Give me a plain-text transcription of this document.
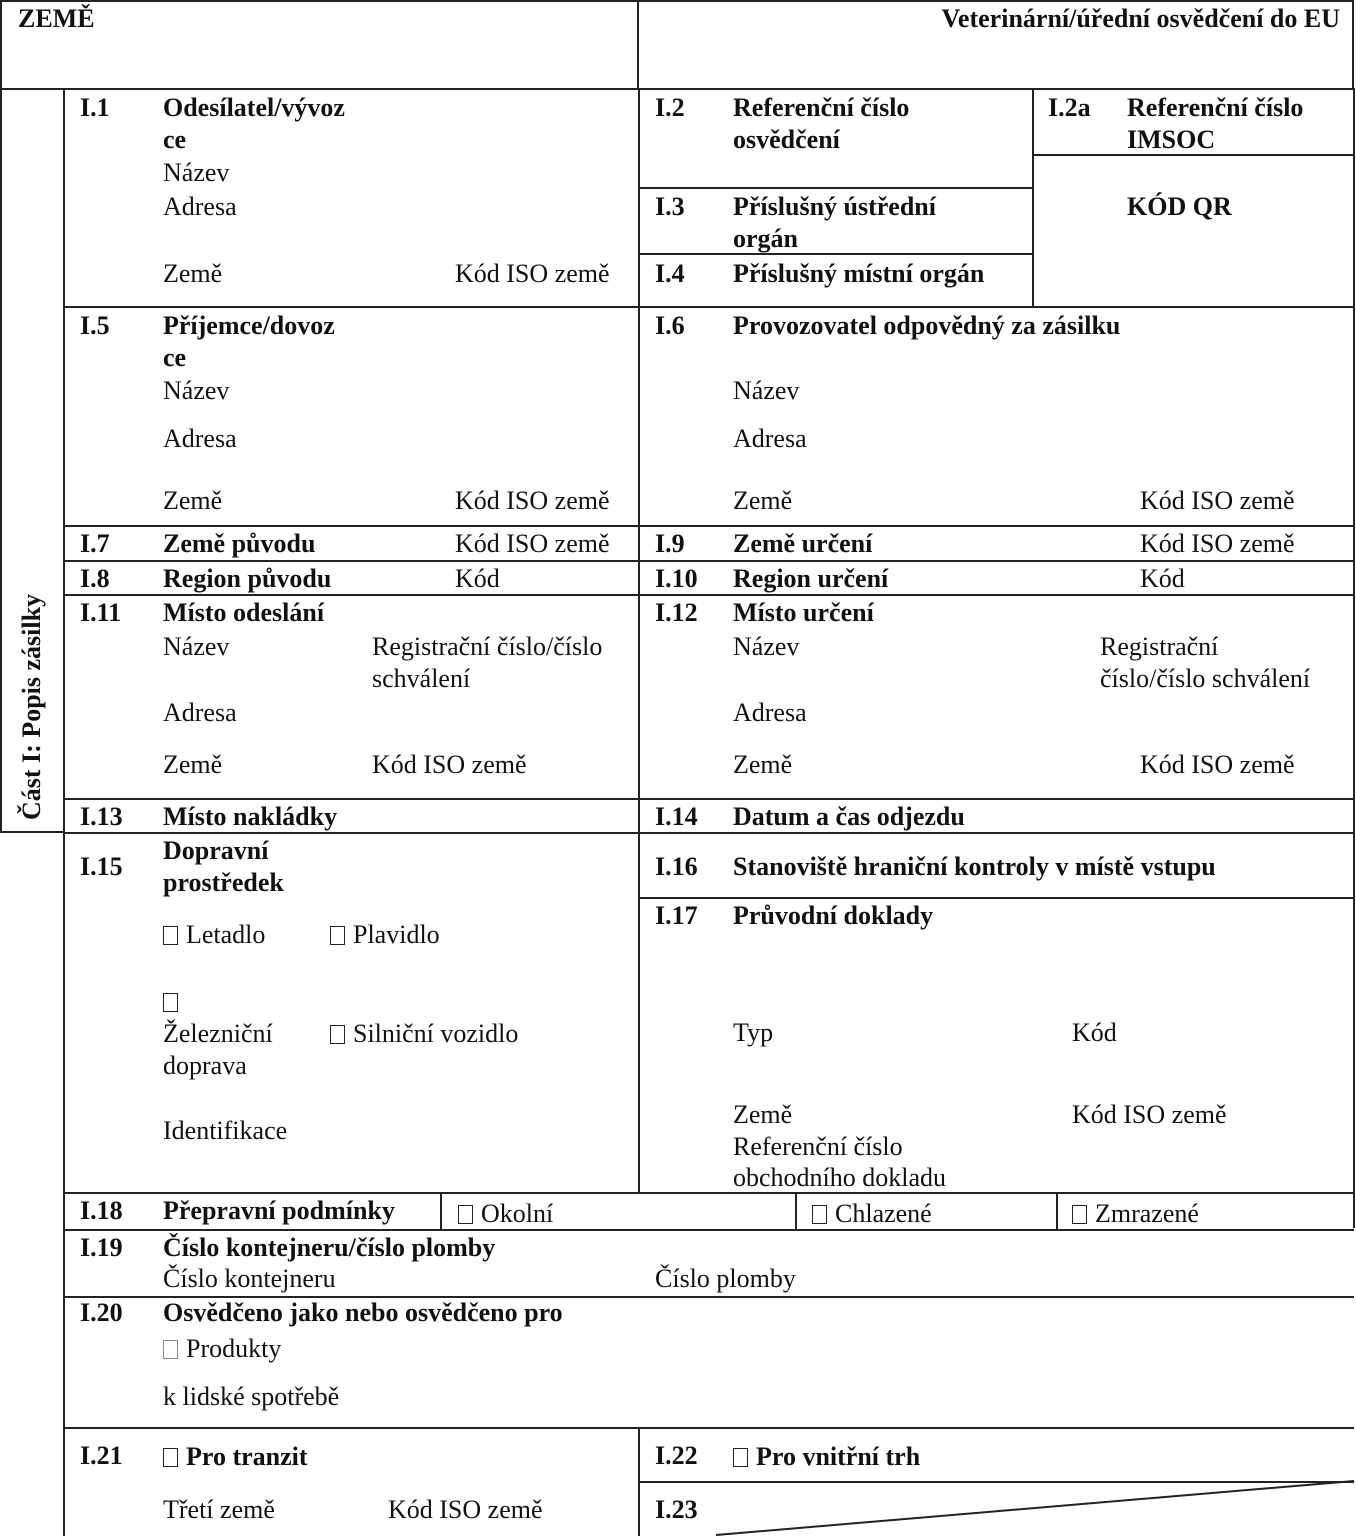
ZEMĚ	Veterinární/úřední osvědčení do EU
Část I: Popis zásilky
I.1 Odesílatel/vývoz
ce
Název
Adresa
Země	Kód ISO země
I.2 Referenční číslo
osvědčení
I.2a Referenční číslo
IMSOC
KÓD QR
I.3 Příslušný ústřední
orgán
I.4 Příslušný místní orgán
I.5 Příjemce/dovoz
ce
Název
Adresa
Země	Kód ISO země
I.6 Provozovatel odpovědný za zásilku
Název
Adresa
Země	Kód ISO země
I.7 Země původu	Kód ISO země I.9 Země určení	Kód ISO země
I.8 Region původu	Kód	I.10 Region určení	Kód
I.11 Místo odeslání
Název	Registrační číslo/číslo schválení
Adresa
Země	Kód ISO země
I.12 Místo určení
Název	Registrační
číslo/číslo schválení
Adresa
Země	Kód ISO země
I.13 Místo nakládky	I.14 Datum a čas odjezdu
I.15
Dopravní
prostředek
Letadlo	Plavidlo
Železniční
doprava
Silniční vozidlo
Identifikace
I.16 Stanoviště hraniční kontroly v místě vstupu
I.17 Průvodní doklady
Typ	Kód
Země	Kód ISO země
Referenční číslo
obchodního dokladu
I.18 Přepravní podmínky	Okolní	Chlazené	Zmrazené
I.19 Číslo kontejneru/číslo plomby
Číslo kontejneru	Číslo plomby
I.20 Osvědčeno jako nebo osvědčeno pro
Produkty
k lidské spotřebě
I.21 Pro tranzit
Třetí země	Kód ISO země
I.22 Pro vnitřní trh
I.23
